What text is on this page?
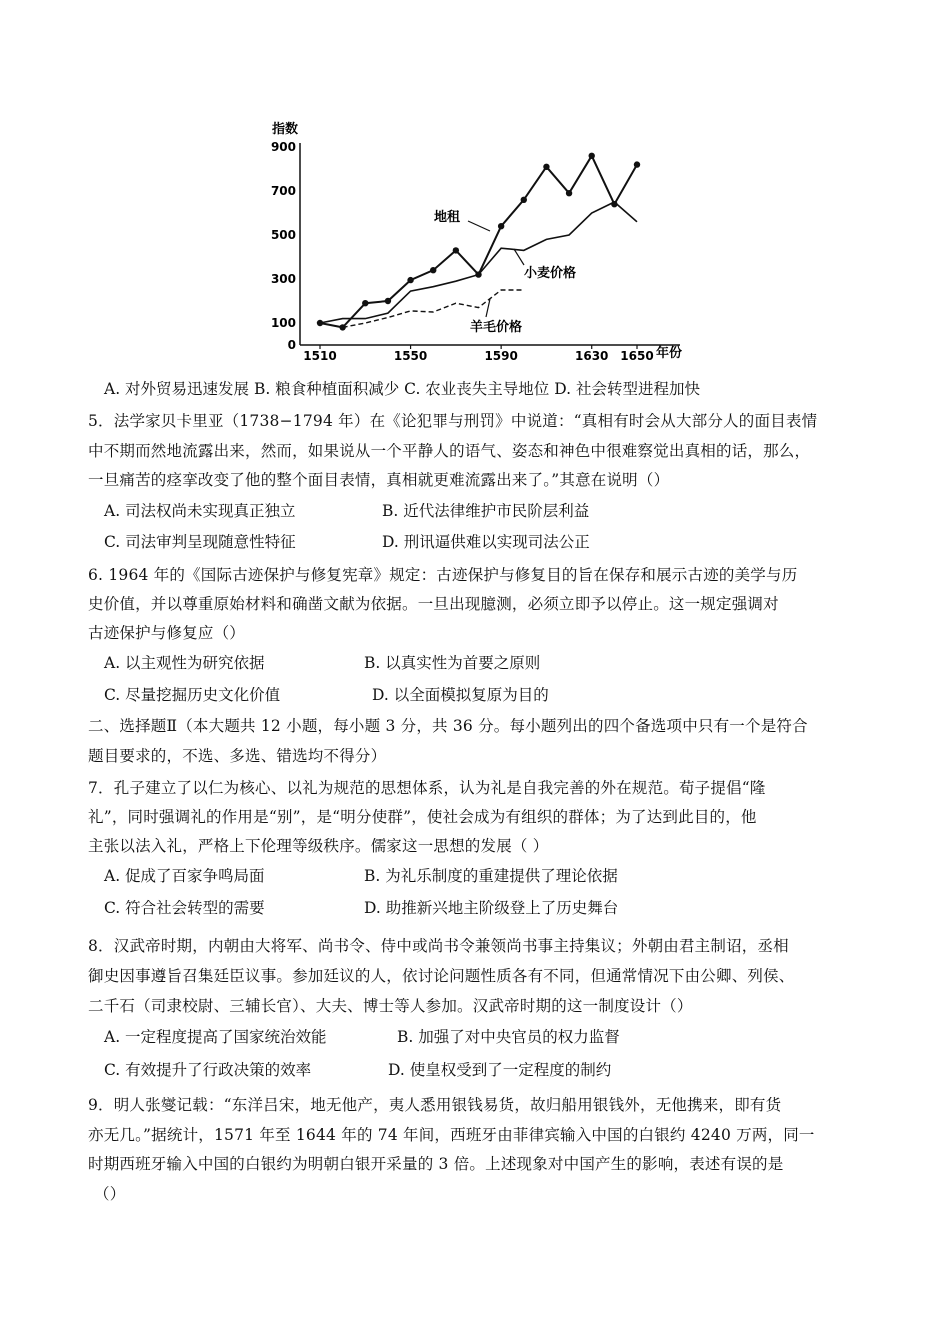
指数
年份
900
700
500
300
100
0
1510	1550	1590	1630 1650
地租
小麦价格
羊毛价格
A. 对外贸易迅速发展 B. 粮食种植面积减少 C. 农业丧失主导地位 D. 社会转型进程加快
5．法学家贝卡里亚（1738−1794 年）在《论犯罪与刑罚》中说道：“真相有时会从大部分人的面目表情
中不期而然地流露出来，然而，如果说从一个平静人的语气、姿态和神色中很难察觉出真相的话，那么，
一旦痛苦的痉挛改变了他的整个面目表情，真相就更难流露出来了。”其意在说明（）
A. 司法权尚未实现真正独立	B. 近代法律维护市民阶层利益
C. 司法审判呈现随意性特征	D. 刑讯逼供难以实现司法公正
6. 1964 年的《国际古迹保护与修复宪章》规定：古迹保护与修复目的旨在保存和展示古迹的美学与历
史价值，并以尊重原始材料和确凿文献为依据。一旦出现臆测，必须立即予以停止。这一规定强调对
古迹保护与修复应（）
A. 以主观性为研究依据	B. 以真实性为首要之原则
C. 尽量挖掘历史文化价值	D. 以全面模拟复原为目的
二、选择题Ⅱ（本大题共 12 小题，每小题 3 分，共 36 分。每小题列出的四个备选项中只有一个是符合
题目要求的，不选、多选、错选均不得分）
7．孔子建立了以仁为核心、以礼为规范的思想体系，认为礼是自我完善的外在规范。荀子提倡“隆
礼”，同时强调礼的作用是“别”，是“明分使群”，使社会成为有组织的群体；为了达到此目的，他
主张以法入礼，严格上下伦理等级秩序。儒家这一思想的发展（ ）
A. 促成了百家争鸣局面	B. 为礼乐制度的重建提供了理论依据
C. 符合社会转型的需要	D. 助推新兴地主阶级登上了历史舞台
8．汉武帝时期，内朝由大将军、尚书令、侍中或尚书令兼领尚书事主持集议；外朝由君主制诏，丞相
御史因事遵旨召集廷臣议事。参加廷议的人，依讨论问题性质各有不同，但通常情况下由公卿、列侯、
二千石（司隶校尉、三辅长官）、大夫、博士等人参加。汉武帝时期的这一制度设计（）
A. 一定程度提高了国家统治效能	B. 加强了对中央官员的权力监督
C. 有效提升了行政决策的效率	D. 使皇权受到了一定程度的制约
9．明人张燮记载：“东洋吕宋，地无他产，夷人悉用银钱易货，故归船用银钱外，无他携来，即有货
亦无几。”据统计，1571 年至 1644 年的 74 年间，西班牙由菲律宾输入中国的白银约 4240 万两，同一
时期西班牙输入中国的白银约为明朝白银开采量的 3 倍。上述现象对中国产生的影响，表述有误的是
（）
